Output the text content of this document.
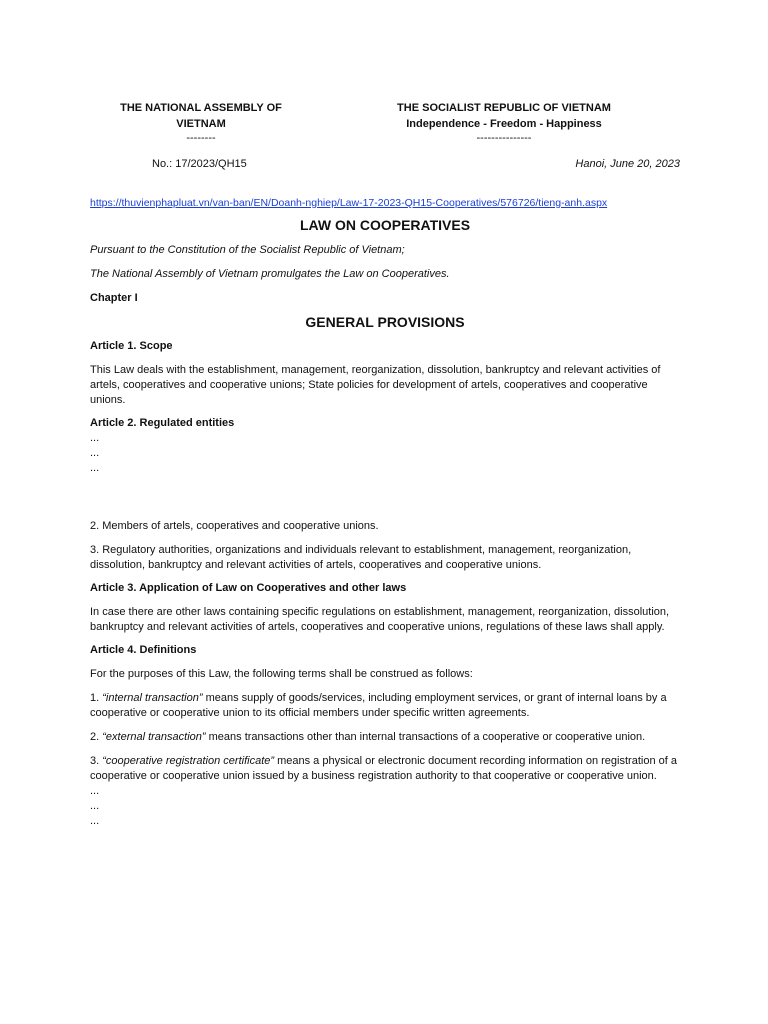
THE NATIONAL ASSEMBLY OF
VIETNAM
--------
THE SOCIALIST REPUBLIC OF VIETNAM
Independence - Freedom - Happiness
---------------
No.: 17/2023/QH15	Hanoi, June 20, 2023
https://thuvienphapluat.vn/van-ban/EN/Doanh-nghiep/Law-17-2023-QH15-Cooperatives/576726/tieng-anh.aspx
LAW ON COOPERATIVES

Pursuant to the Constitution of the Socialist Republic of Vietnam;

The National Assembly of Vietnam promulgates the Law on Cooperatives.

Chapter I
GENERAL PROVISIONS
Article 1. Scope

This Law deals with the establishment, management, reorganization, dissolution, bankruptcy and relevant activities of artels, cooperatives and cooperative unions; State policies for development of artels, cooperatives and cooperative unions.

Article 2. Regulated entities
...
...
...

2. Members of artels, cooperatives and cooperative unions.

3. Regulatory authorities, organizations and individuals relevant to establishment, management, reorganization, dissolution, bankruptcy and relevant activities of artels, cooperatives and cooperative unions.

Article 3. Application of Law on Cooperatives and other laws

In case there are other laws containing specific regulations on establishment, management, reorganization, dissolution, bankruptcy and relevant activities of artels, cooperatives and cooperative unions, regulations of these laws shall apply.

Article 4. Definitions

For the purposes of this Law, the following terms shall be construed as follows:

1. “internal transaction” means supply of goods/services, including employment services, or grant of internal loans by a cooperative or cooperative union to its official members under specific written agreements.

2. “external transaction” means transactions other than internal transactions of a cooperative or cooperative union.

3. “cooperative registration certificate” means a physical or electronic document recording information on registration of a cooperative or cooperative union issued by a business registration authority to that cooperative or cooperative union.

...
...
...
